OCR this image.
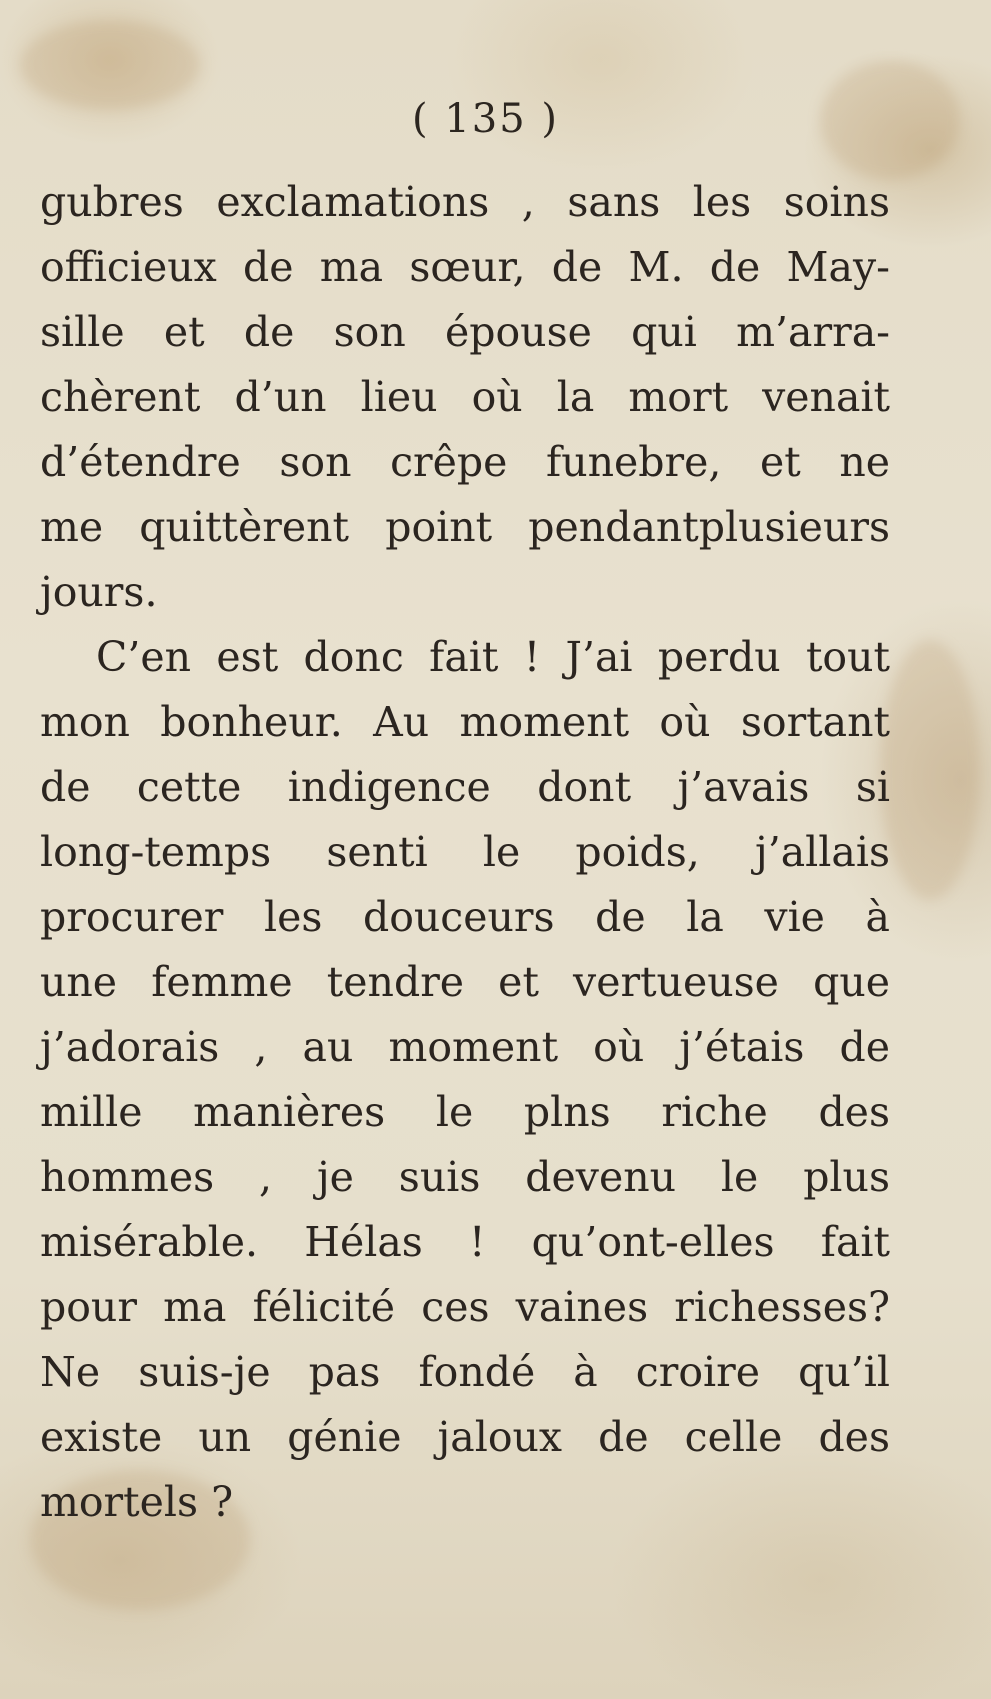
( 135 )
gubres exclamations , sans les soins
officieux de ma sœur, de M. de May-
sille et de son épouse qui m’arra-
chèrent d’un lieu où la mort venait
d’étendre son crêpe funebre, et ne
me quittèrent point pendantplusieurs
jours.
C’en est donc fait ! J’ai perdu tout
mon bonheur. Au moment où sortant
de cette indigence dont j’avais si
long-temps senti le poids, j’allais
procurer les douceurs de la vie à
une femme tendre et vertueuse que
j’adorais , au moment où j’étais de
mille manières le plns riche des
hommes , je suis devenu le plus
misérable. Hélas ! qu’ont-elles fait
pour ma félicité ces vaines richesses?
Ne suis-je pas fondé à croire qu’il
existe un génie jaloux de celle des
mortels ?
